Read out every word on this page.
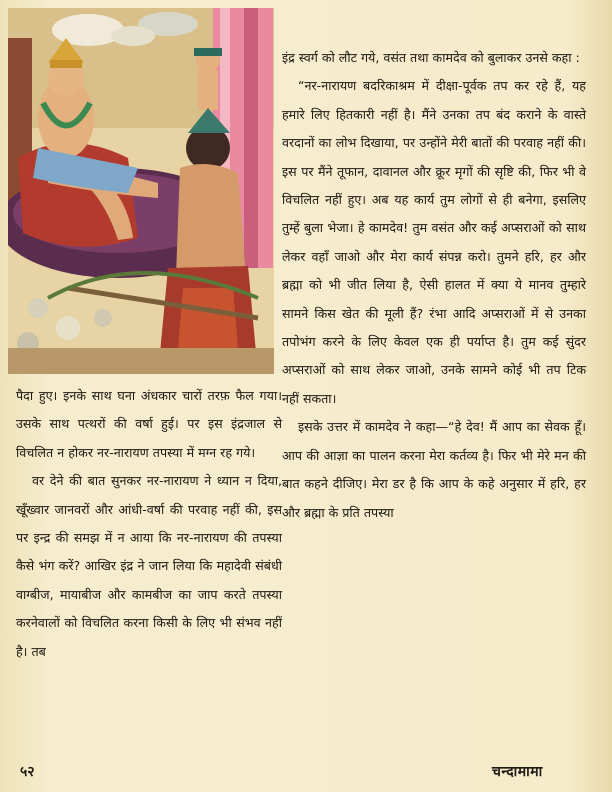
इंद्र स्वर्ग को लौट गये, वसंत तथा कामदेव को बुलाकर उनसे कहा :

“नर-नारायण बदरिकाश्रम में दीक्षा-पूर्वक तप कर रहे हैं, यह हमारे लिए हितकारी नहीं है। मैंने उनका तप बंद कराने के वास्ते वरदानों का लोभ दिखाया, पर उन्होंने मेरी बातों की परवाह नहीं की। इस पर मैंने तूफान, दावानल और क्रूर मृगों की सृष्टि की, फिर भी वे विचलित नहीं हुए। अब यह कार्य तुम लोगों से ही बनेगा, इसलिए तुम्हें बुला भेजा। हे कामदेव! तुम वसंत और कई अप्सराओं को साथ लेकर वहाँ जाओ और मेरा कार्य संपन्न करो। तुमने हरि, हर और ब्रह्मा को भी जीत लिया है, ऐसी हालत में क्या ये मानव तुम्हारे सामने किस खेत की मूली हैं? रंभा आदि अप्सराओं में से उनका तपोभंग करने के लिए केवल एक ही पर्याप्त है। तुम कई सुंदर अप्सराओं को साथ लेकर जाओ, उनके सामने कोई भी तप टिक नहीं सकता।

इसके उत्तर में कामदेव ने कहा—“हे देव! मैं आप का सेवक हूँ। आप की आज्ञा का पालन करना मेरा कर्तव्य है। फिर भी मेरे मन की बात कहने दीजिए। मेरा डर है कि आप के कहे अनुसार में हरि, हर और ब्रह्मा के प्रति तपस्या

पैदा हुए। इनके साथ घना अंधकार चारों तरफ़ फैल गया। उसके साथ पत्थरों की वर्षा हुई। पर इस इंद्रजाल से विचलित न होकर नर-नारायण तपस्या में मग्न रह गये।

वर देने की बात सुनकर नर-नारायण ने ध्यान न दिया, खूँख्वार जानवरों और आंधी-वर्षा की परवाह नहीं की, इस पर इन्द्र की समझ में न आया कि नर-नारायण की तपस्या कैसे भंग करें? आखिर इंद्र ने जान लिया कि महादेवी संबंधी वाग्बीज, मायाबीज और कामबीज का जाप करते तपस्या करनेवालों को विचलित करना किसी के लिए भी संभव नहीं है। तब

५२	चन्दामामा
